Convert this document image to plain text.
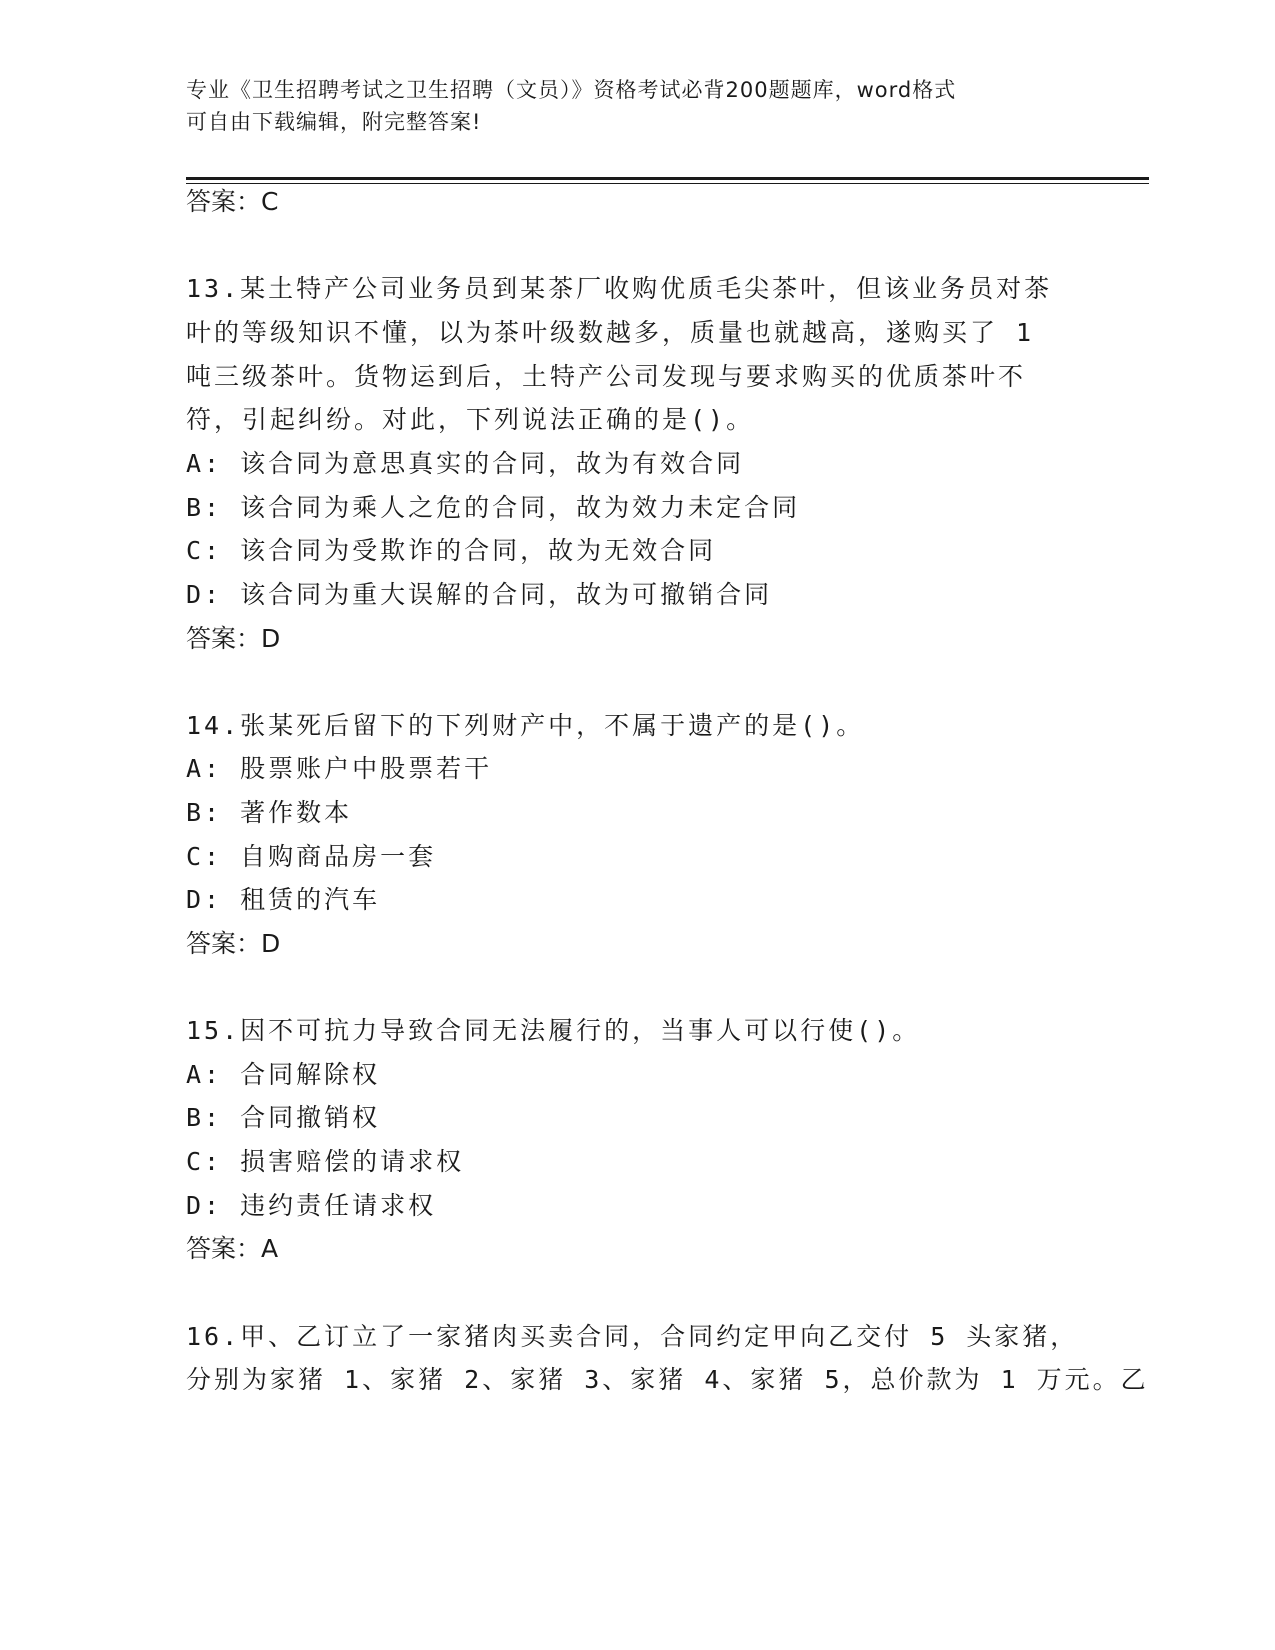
专业《卫生招聘考试之卫生招聘（文员）》资格考试必背200题题库，word格式
可自由下载编辑，附完整答案!
答案：C
13.某土特产公司业务员到某茶厂收购优质毛尖茶叶，但该业务员对茶
叶的等级知识不懂，以为茶叶级数越多，质量也就越高，遂购买了 1
吨三级茶叶。货物运到后，土特产公司发现与要求购买的优质茶叶不
符，引起纠纷。对此，下列说法正确的是()。
A: 该合同为意思真实的合同，故为有效合同
B: 该合同为乘人之危的合同，故为效力未定合同
C: 该合同为受欺诈的合同，故为无效合同
D: 该合同为重大误解的合同，故为可撤销合同
答案：D
14.张某死后留下的下列财产中，不属于遗产的是()。
A: 股票账户中股票若干
B: 著作数本
C: 自购商品房一套
D: 租赁的汽车
答案：D
15.因不可抗力导致合同无法履行的，当事人可以行使()。
A: 合同解除权
B: 合同撤销权
C: 损害赔偿的请求权
D: 违约责任请求权
答案：A
16.甲、乙订立了一家猪肉买卖合同，合同约定甲向乙交付 5 头家猪，
分别为家猪 1、家猪 2、家猪 3、家猪 4、家猪 5，总价款为 1 万元。乙
